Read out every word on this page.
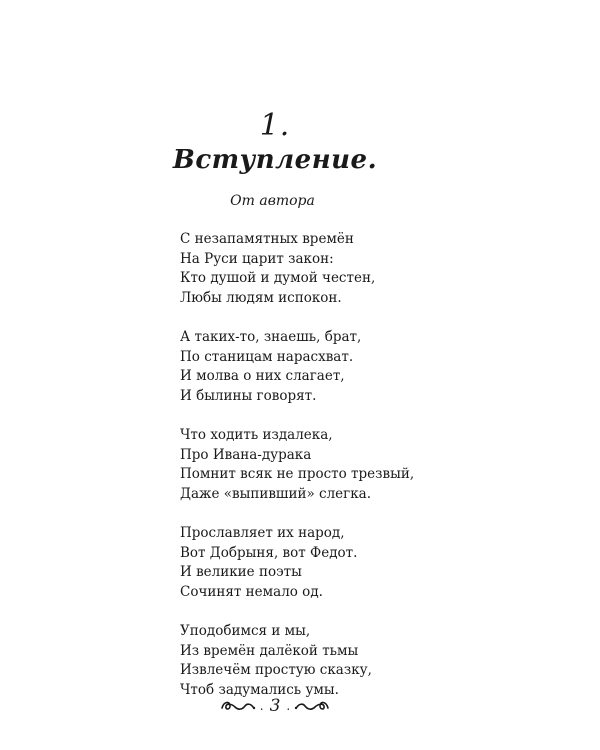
1.
Вступление.
От автора
С незапамятных времён
На Руси царит закон:
Кто душой и думой честен,
Любы людям испокон.
А таких-то, знаешь, брат,
По станицам нарасхват.
И молва о них слагает,
И былины говорят.
Что ходить издалека,
Про Ивана-дурака
Помнит всяк не просто трезвый,
Даже «выпивший» слегка.
Прославляет их народ,
Вот Добрыня, вот Федот.
И великие поэты
Сочинят немало од.
Уподобимся и мы,
Из времён далёкой тьмы
Извлечём простую сказку,
Чтоб задумались умы.
. 3 .
